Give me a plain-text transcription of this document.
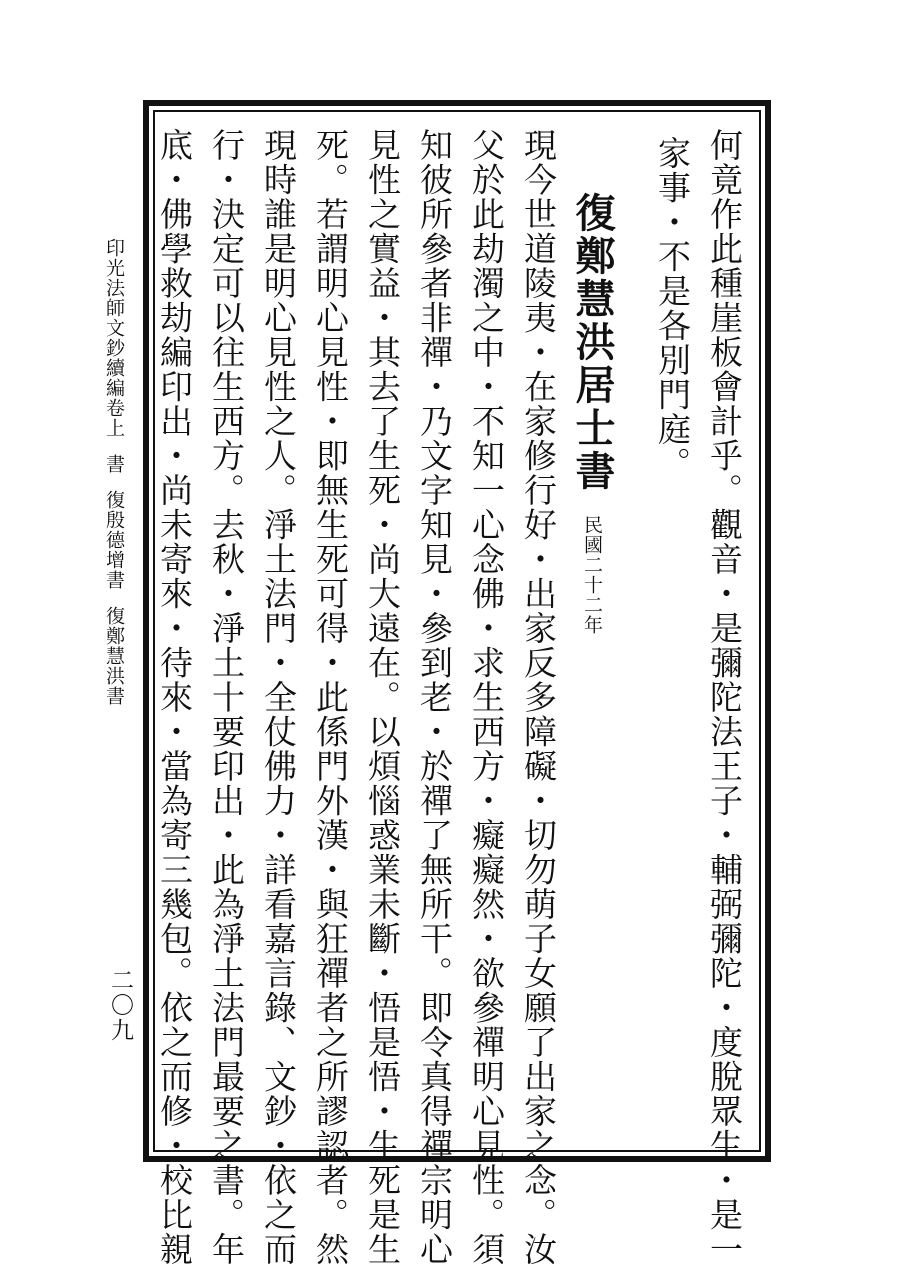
印光法師文鈔續編卷上書復殷德增書復鄭慧洪書
二〇九	何竟作此種崖板會計乎。觀音・是彌陀法王子・輔弼彌陀・度脫眾生・是一
家事・不是各別門庭。
復鄭慧洪居士書民國二十二年
現今世道陵夷・在家修行好・出家反多障礙・切勿萌子女願了出家之念。汝
父於此劫濁之中・不知一心念佛・求生西方・癡癡然・欲參禪明心見性。須
知彼所參者非禪・乃文字知見・參到老・於禪了無所干。即令真得禪宗明心
見性之實益・其去了生死・尚大遠在。以煩惱惑業未斷・悟是悟・生死是生
死。若謂明心見性・即無生死可得・此係門外漢・與狂禪者之所謬認者。然
現時誰是明心見性之人。淨土法門・全仗佛力・詳看嘉言錄、文鈔・依之而
行・決定可以往生西方。去秋・淨土十要印出・此為淨土法門最要之書。年
底・佛學救劫編印出・尚未寄來・待來・當為寄三幾包。依之而修・校比親
